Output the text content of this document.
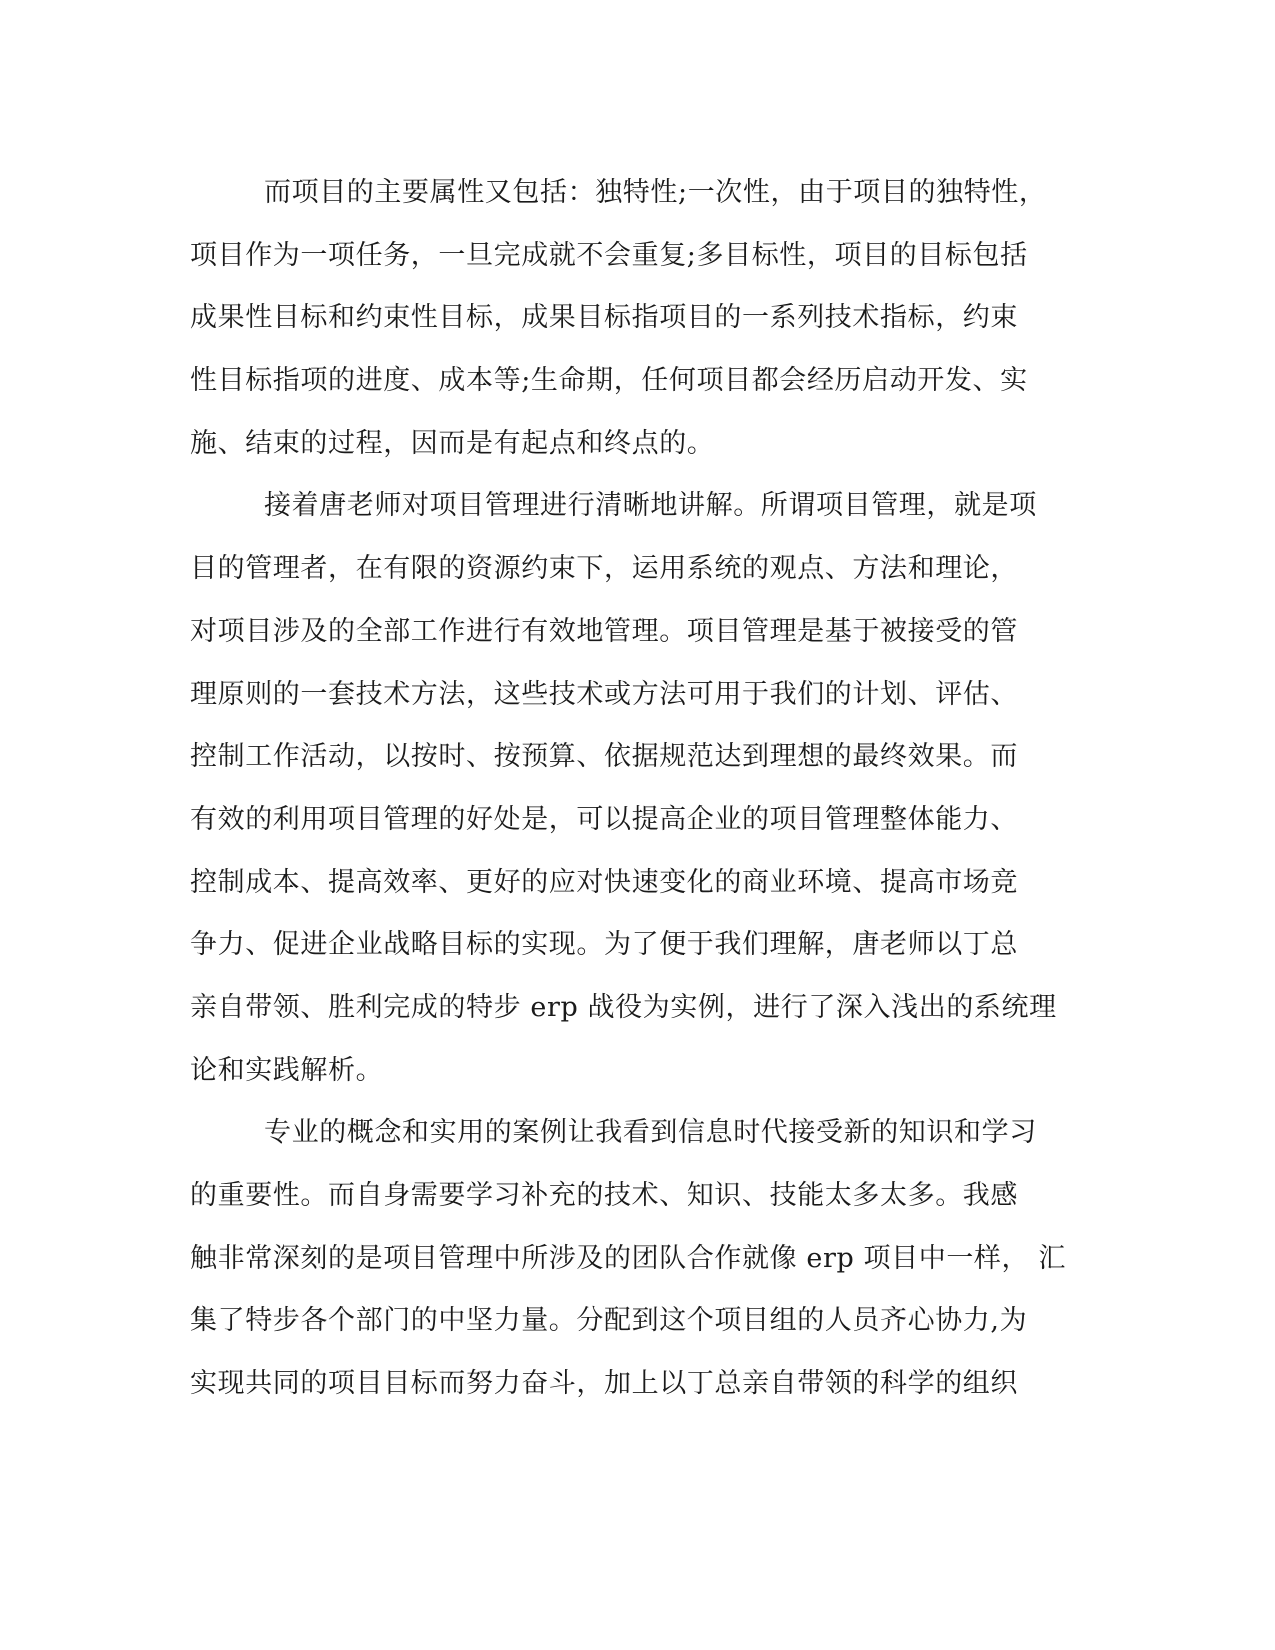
而项目的主要属性又包括：独特性;一次性，由于项目的独特性，
项目作为一项任务，一旦完成就不会重复;多目标性，项目的目标包括
成果性目标和约束性目标，成果目标指项目的一系列技术指标，约束
性目标指项的进度、成本等;生命期，任何项目都会经历启动开发、实
施、结束的过程，因而是有起点和终点的。
接着唐老师对项目管理进行清晰地讲解。所谓项目管理，就是项
目的管理者，在有限的资源约束下，运用系统的观点、方法和理论，
对项目涉及的全部工作进行有效地管理。项目管理是基于被接受的管
理原则的一套技术方法，这些技术或方法可用于我们的计划、评估、
控制工作活动，以按时、按预算、依据规范达到理想的最终效果。而
有效的利用项目管理的好处是，可以提高企业的项目管理整体能力、
控制成本、提高效率、更好的应对快速变化的商业环境、提高市场竞
争力、促进企业战略目标的实现。为了便于我们理解，唐老师以丁总
亲自带领、胜利完成的特步 erp 战役为实例，进行了深入浅出的系统理
论和实践解析。
专业的概念和实用的案例让我看到信息时代接受新的知识和学习
的重要性。而自身需要学习补充的技术、知识、技能太多太多。我感
触非常深刻的是项目管理中所涉及的团队合作就像 erp 项目中一样， 汇
集了特步各个部门的中坚力量。分配到这个项目组的人员齐心协力,为
实现共同的项目目标而努力奋斗，加上以丁总亲自带领的科学的组织
